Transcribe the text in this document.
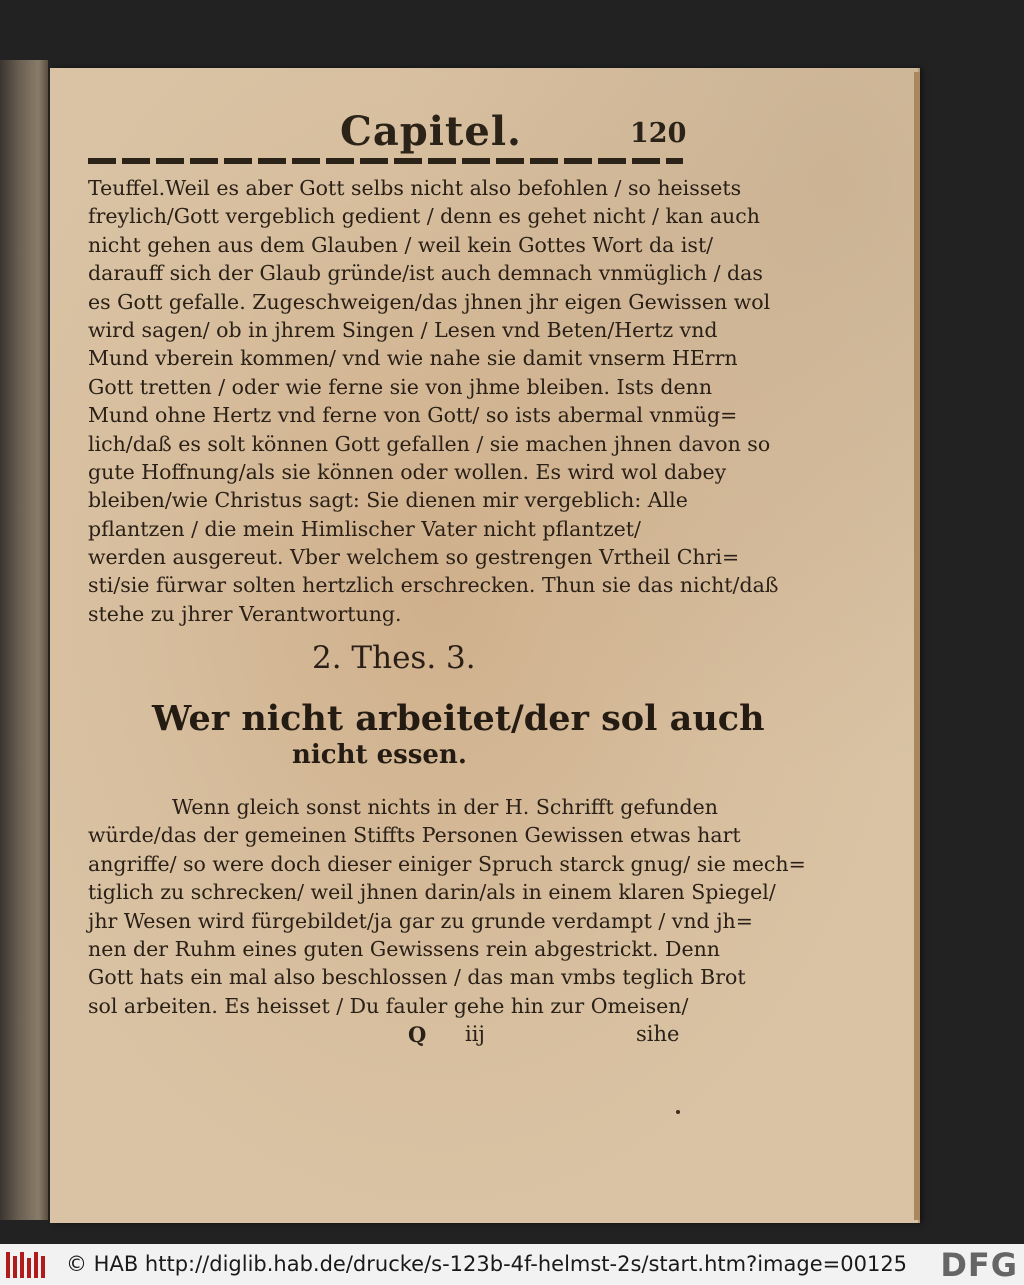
Capitel.	120
Teuffel.Weil es aber Gott selbs nicht also befohlen / so heissets
freylich/Gott vergeblich gedient / denn es gehet nicht / kan auch
nicht gehen aus dem Glauben / weil kein Gottes Wort da ist/
darauff sich der Glaub gründe/ist auch demnach vnmüglich / das
es Gott gefalle. Zugeschweigen/das jhnen jhr eigen Gewissen wol
wird sagen/ ob in jhrem Singen / Lesen vnd Beten/Hertz vnd
Mund vberein kommen/ vnd wie nahe sie damit vnserm HErrn
Gott tretten / oder wie ferne sie von jhme bleiben. Ists denn
Mund ohne Hertz vnd ferne von Gott/ so ists abermal vnmüg=
lich/daß es solt können Gott gefallen / sie machen jhnen davon so
gute Hoffnung/als sie können oder wollen. Es wird wol dabey
bleiben/wie Christus sagt: Sie dienen mir vergeblich: Alle
pflantzen / die mein Himlischer Vater nicht pflantzet/
werden ausgereut. Vber welchem so gestrengen Vrtheil Chri=
sti/sie fürwar solten hertzlich erschrecken. Thun sie das nicht/daß
stehe zu jhrer Verantwortung.
2. Thes. 3.
Wer nicht arbeitet/der sol auch
nicht essen.
Wenn gleich sonst nichts in der H. Schrifft gefunden
würde/das der gemeinen Stiffts Personen Gewissen etwas hart
angriffe/ so were doch dieser einiger Spruch starck gnug/ sie mech=
tiglich zu schrecken/ weil jhnen darin/als in einem klaren Spiegel/
jhr Wesen wird fürgebildet/ja gar zu grunde verdampt / vnd jh=
nen der Ruhm eines guten Gewissens rein abgestrickt. Denn
Gott hats ein mal also beschlossen / das man vmbs teglich Brot
sol arbeiten. Es heisset / Du fauler gehe hin zur Omeisen/
Q iij	sihe
© HAB http://diglib.hab.de/drucke/s-123b-4f-helmst-2s/start.htm?image=00125 DFG
